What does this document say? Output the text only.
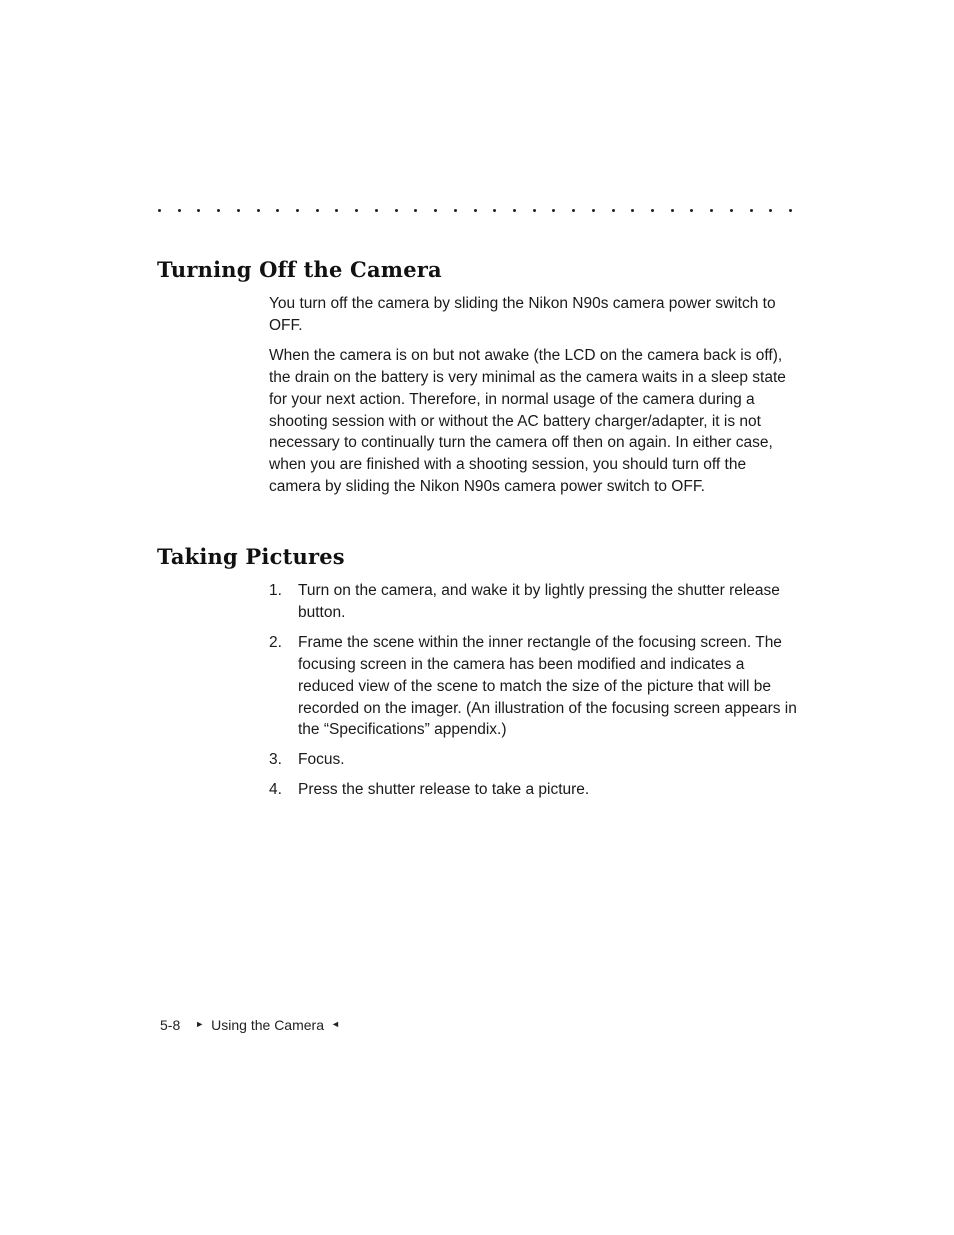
Turning Off the Camera

You turn off the camera by sliding the Nikon N90s camera power switch to OFF.

When the camera is on but not awake (the LCD on the camera back is off), the drain on the battery is very minimal as the camera waits in a sleep state for your next action. Therefore, in normal usage of the camera during a shooting session with or without the AC battery charger/adapter, it is not necessary to continually turn the camera off then on again. In either case, when you are finished with a shooting session, you should turn off the camera by sliding the Nikon N90s camera power switch to OFF.

Taking Pictures
1. Turn on the camera, and wake it by lightly pressing the shutter release button.
2. Frame the scene within the inner rectangle of the focusing screen. The focusing screen in the camera has been modified and indicates a reduced view of the scene to match the size of the picture that will be recorded on the imager. (An illustration of the focusing screen appears in the “Specifications” appendix.)
3. Focus.
4. Press the shutter release to take a picture.
5-8 ► Using the Camera ◄
